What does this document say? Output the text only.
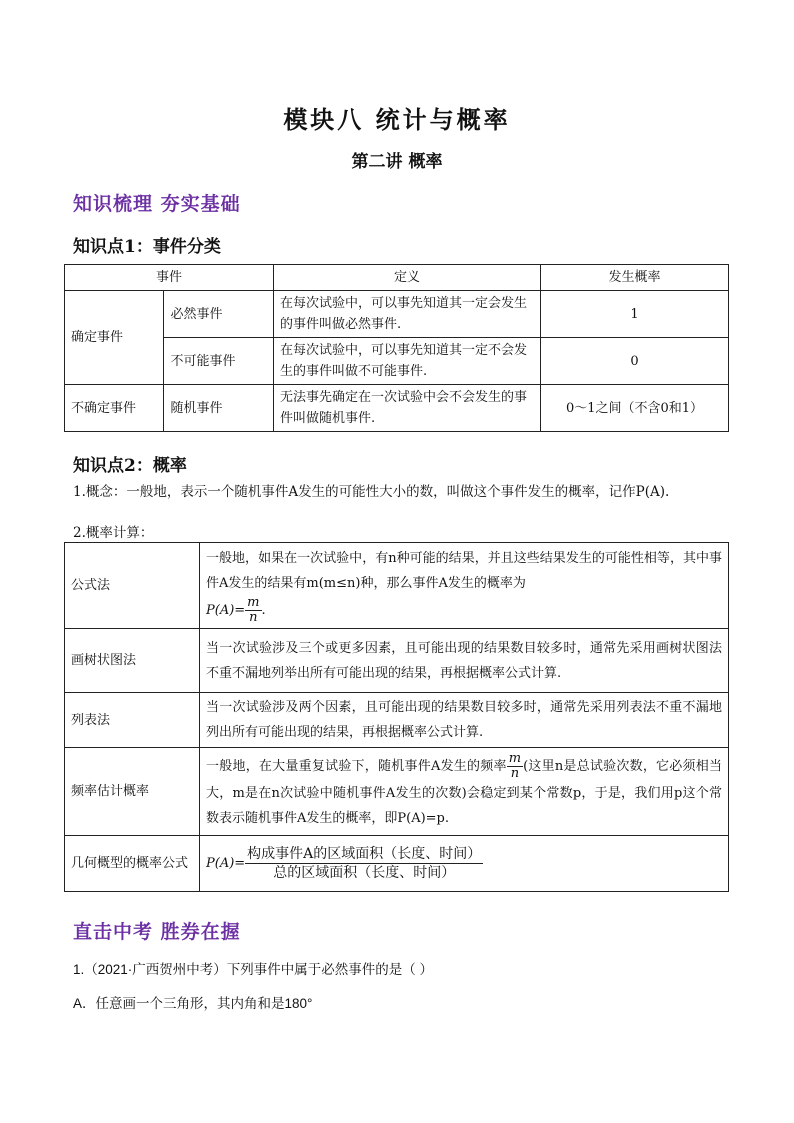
模块八 统计与概率
第二讲 概率
知识梳理 夯实基础
知识点1：事件分类
事件		定义	发生概率
确定事件	必然事件	在每次试验中，可以事先知道其一定会发生的事件叫做必然事件.	1
	不可能事件	在每次试验中，可以事先知道其一定不会发生的事件叫做不可能事件.	0
不确定事件	随机事件	无法事先确定在一次试验中会不会发生的事件叫做随机事件.	0～1之间（不含0和1）
知识点2：概率
1.概念：一般地，表示一个随机事件A发生的可能性大小的数，叫做这个事件发生的概率，记作P(A).
2.概率计算：
公式法	一般地，如果在一次试验中，有n种可能的结果，并且这些结果发生的可能性相等，其中事件A发生的结果有m(m≤n)种，那么事件A发生的概率为
$P(A)= \frac{m}{n}$ .
画树状图法	当一次试验涉及三个或更多因素，且可能出现的结果数目较多时，通常先采用画树状图法不重不漏地列举出所有可能出现的结果，再根据概率公式计算.
列表法	当一次试验涉及两个因素，且可能出现的结果数目较多时，通常先采用列表法不重不漏地列出所有可能出现的结果，再根据概率公式计算.
频率估计概率	一般地，在大量重复试验下，随机事件A发生的频率 $\frac{m}{n}$ (这里n是总试验次数，它必须相当大，m是在n次试验中随机事件A发生的次数)会稳定到某个常数p，于是，我们用p这个常数表示随机事件A发生的概率，即P(A)=p.
几何概型的概率公式	$P(A)= \frac{\text{构成事件A的区域面积（长度、时间）}}{\text{总的区域面积（长度、时间）}}$
直击中考 胜券在握
1.（2021·广西贺州中考）下列事件中属于必然事件的是（ ）
A．任意画一个三角形，其内角和是180°
